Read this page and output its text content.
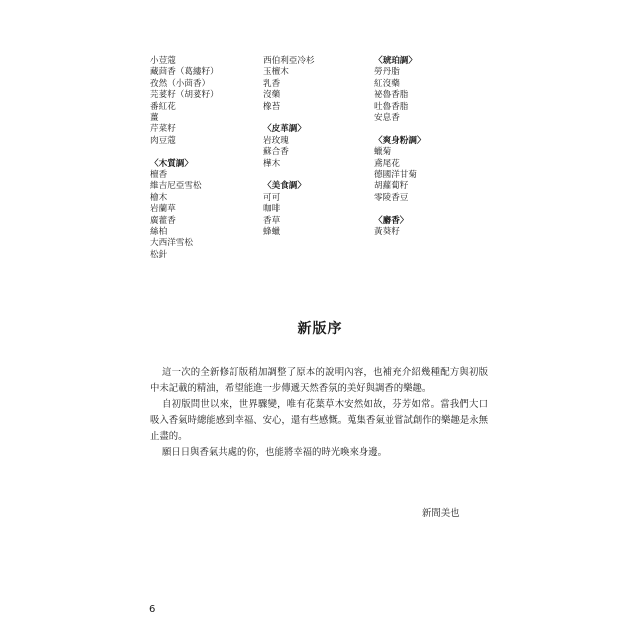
小荳蔻
藏茴香（葛縷籽）
孜然（小茴香）
芫荽籽（胡荽籽）
番紅花
薑
芹菜籽
肉豆蔻
〈木質調〉
檀香
維吉尼亞雪松
檜木
岩蘭草
廣藿香
絲柏
大西洋雪松
松針
西伯利亞冷杉
玉檀木
乳香
沒藥
橡苔
〈皮革調〉
岩玫瑰
蘇合香
樺木
〈美食調〉
可可
咖啡
香草
蜂蠟
〈琥珀調〉
勞丹脂
紅沒藥
祕魯香脂
吐魯香脂
安息香
〈爽身粉調〉
蠟菊
鳶尾花
德國洋甘菊
胡蘿蔔籽
零陵香豆
〈麝香〉
黃葵籽
新版序

這一次的全新修訂版稍加調整了原本的說明內容，也補充介紹幾種配方與初版中未記載的精油，希望能進一步傳遞天然香氛的美好與調香的樂趣。

自初版問世以來，世界驟變，唯有花葉草木安然如故，芬芳如常。當我們大口吸入香氣時總能感到幸福、安心，還有些感慨。蒐集香氣並嘗試創作的樂趣是永無止盡的。

願日日與香氣共處的你，也能將幸福的時光喚來身邊。

新間美也
6
